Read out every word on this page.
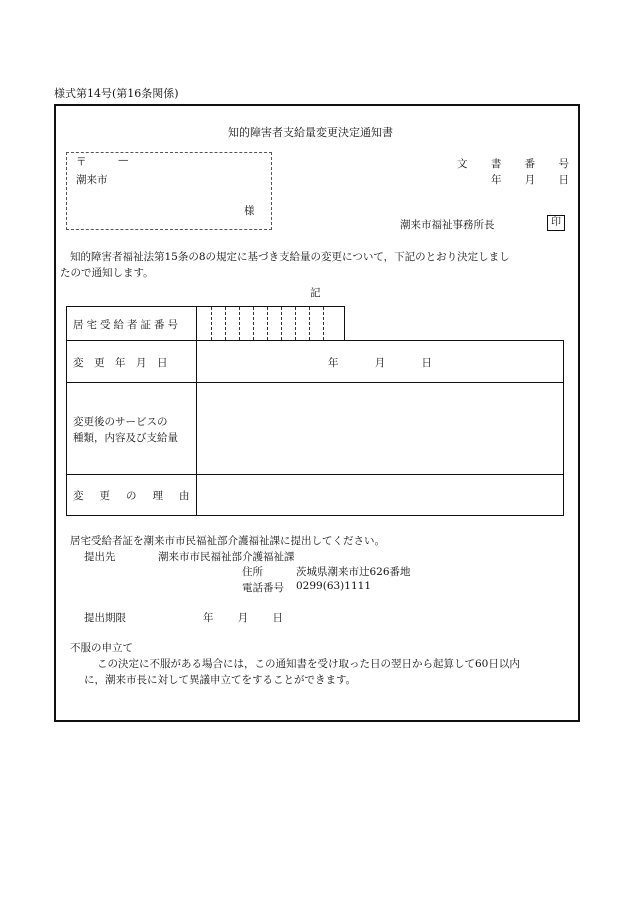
様式第14号(第16条関係)
知的障害者支給量変更決定通知書
〒	—
潮来市
様
文 書 番 号
年 月 日
潮来市福祉事務所長	印
知的障害者福祉法第15条の8の規定に基づき支給量の変更について，下記のとおり決定しまし
たので通知します。
記
居宅受給者証番号
変更年月日	年	月	日
変更後のサービスの
種類，内容及び支給量
変更の理由
居宅受給者証を潮来市市民福祉部介護福祉課に提出してください。
提出先	潮来市市民福祉部介護福祉課
住所	茨城県潮来市辻626番地
電話番号 0299(63)1111
提出期限	年 月 日
不服の申立て
この決定に不服がある場合には，この通知書を受け取った日の翌日から起算して60日以内
に，潮来市長に対して異議申立てをすることができます。
